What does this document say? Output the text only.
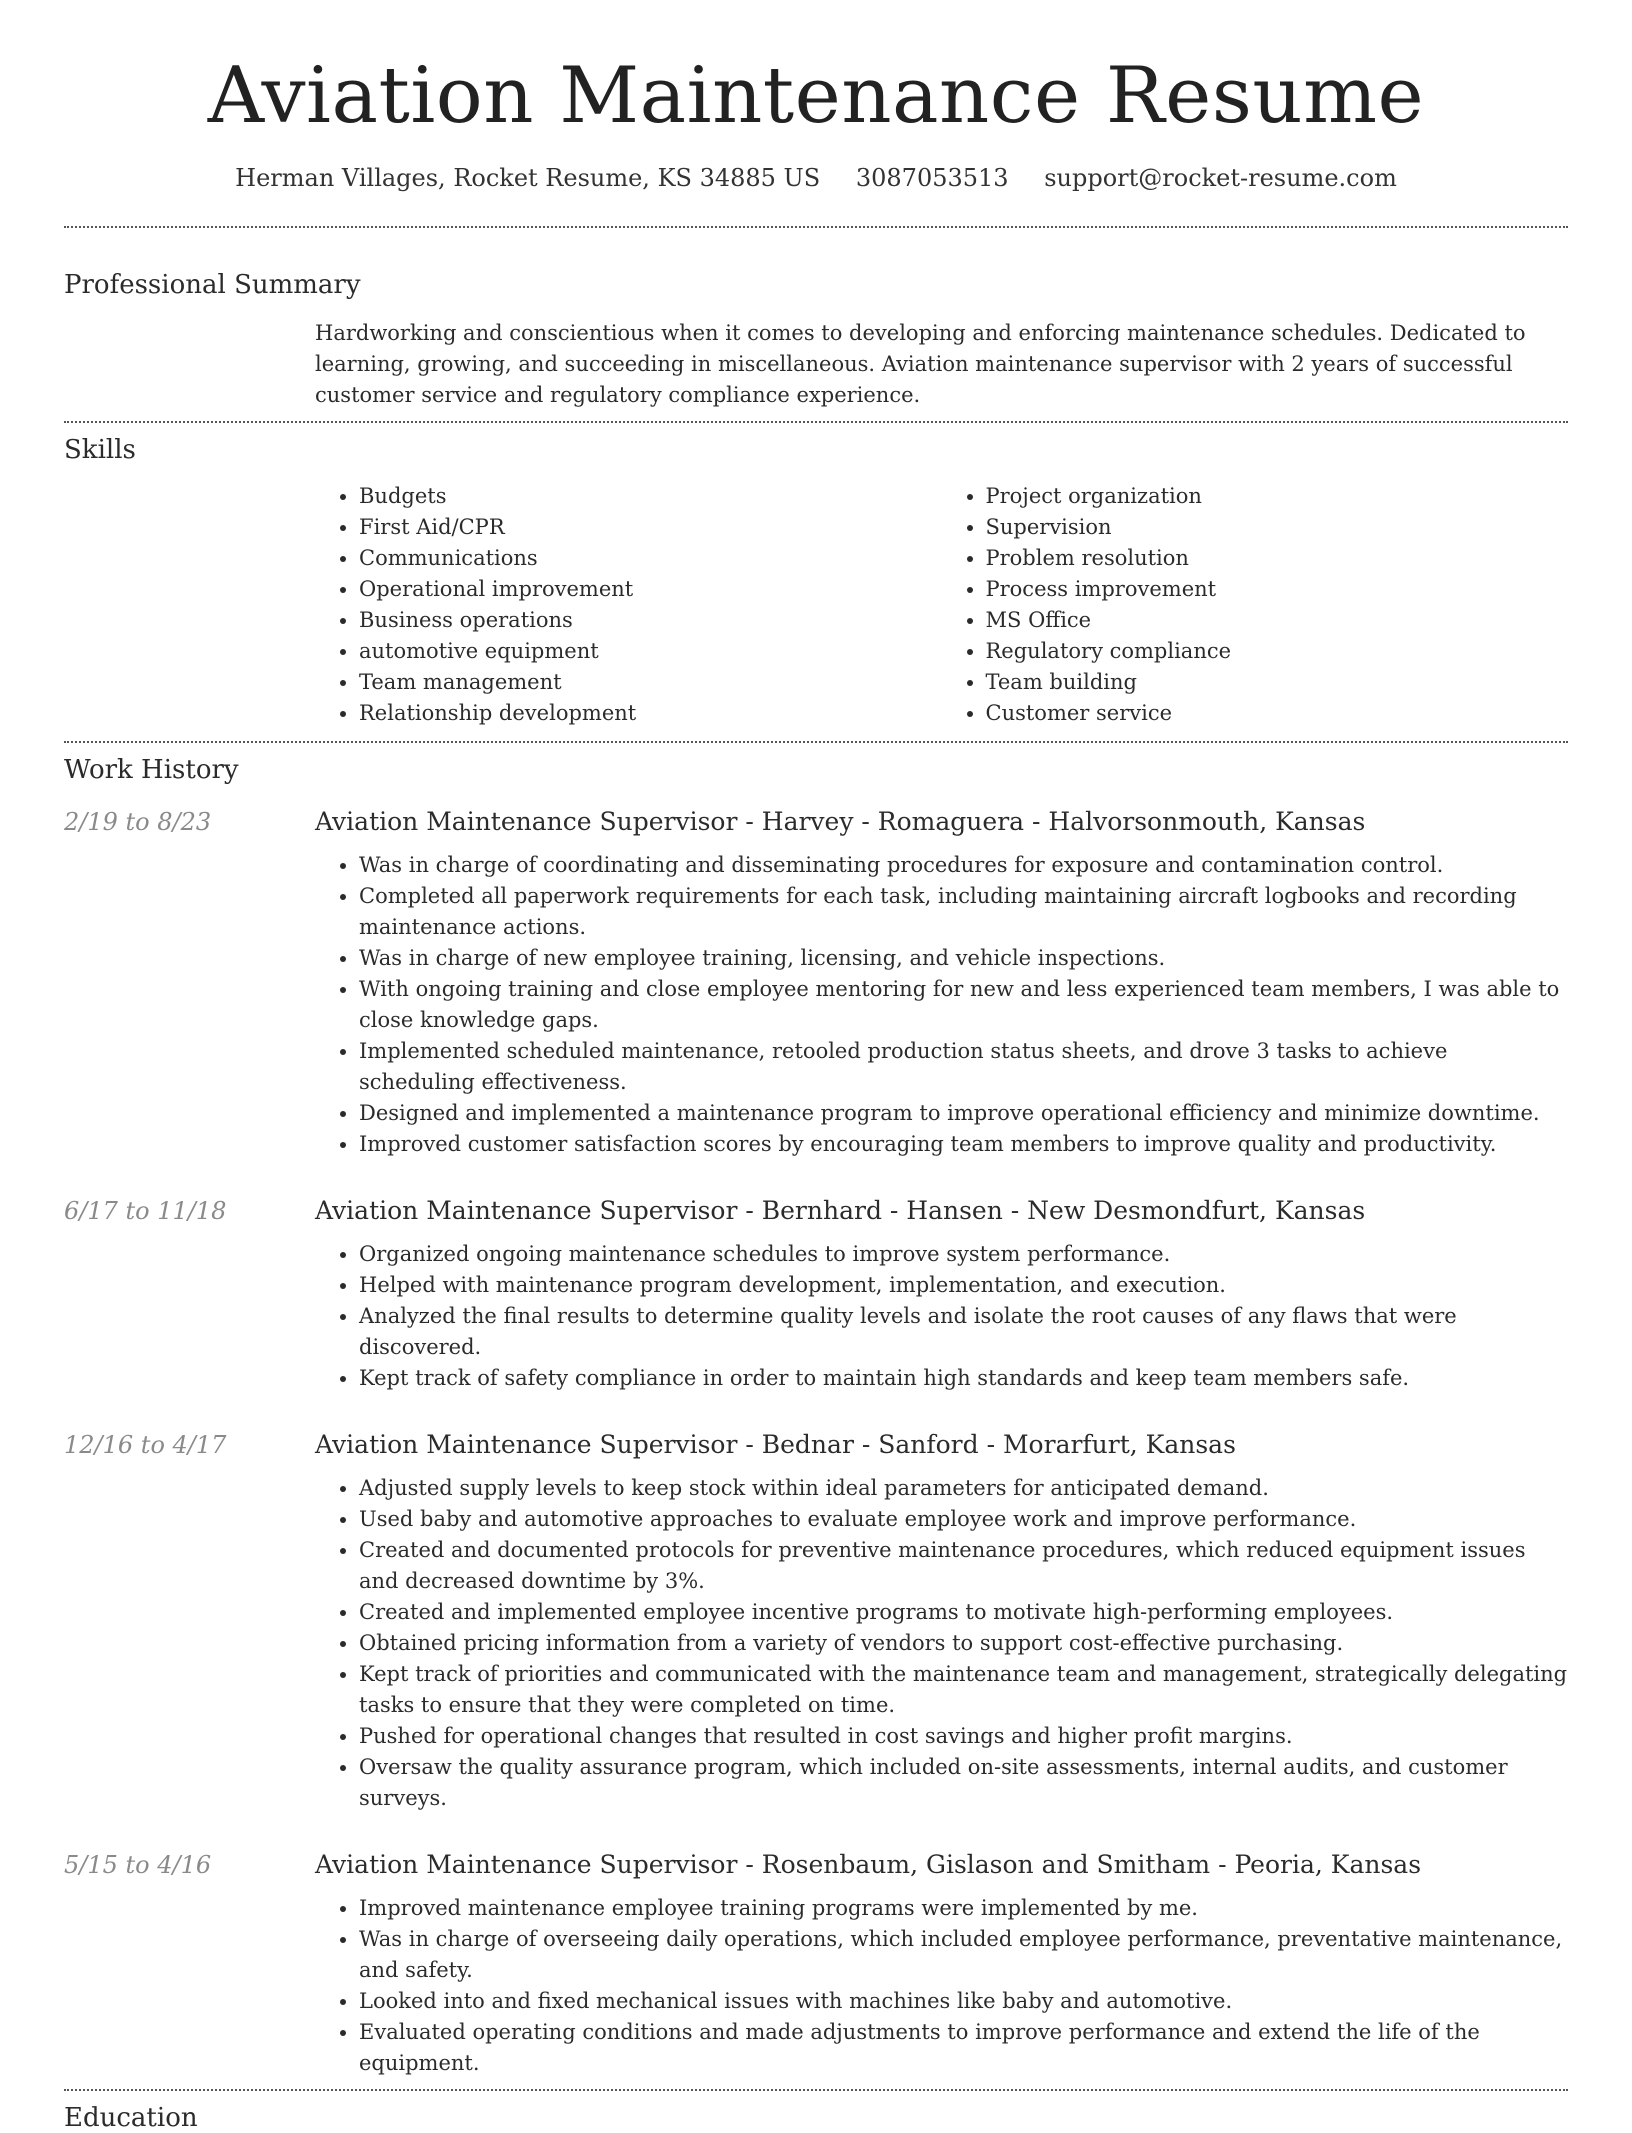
Aviation Maintenance Resume
Herman Villages, Rocket Resume, KS 34885 US 3087053513 support@rocket-resume.com
Professional Summary

Hardworking and conscientious when it comes to developing and enforcing maintenance schedules. Dedicated to learning, growing, and succeeding in miscellaneous. Aviation maintenance supervisor with 2 years of successful customer service and regulatory compliance experience.

Skills
• Budgets
• First Aid/CPR
• Communications
• Operational improvement
• Business operations
• automotive equipment
• Team management
• Relationship development
• Project organization
• Supervision
• Problem resolution
• Process improvement
• MS Office
• Regulatory compliance
• Team building
• Customer service
Work History
2/19 to 8/23	Aviation Maintenance Supervisor - Harvey - Romaguera - Halvorsonmouth, Kansas
• Was in charge of coordinating and disseminating procedures for exposure and contamination control.
• Completed all paperwork requirements for each task, including maintaining aircraft logbooks and recording maintenance actions.
• Was in charge of new employee training, licensing, and vehicle inspections.
• With ongoing training and close employee mentoring for new and less experienced team members, I was able to close knowledge gaps.
• Implemented scheduled maintenance, retooled production status sheets, and drove 3 tasks to achieve scheduling effectiveness.
• Designed and implemented a maintenance program to improve operational efficiency and minimize downtime.
• Improved customer satisfaction scores by encouraging team members to improve quality and productivity.
6/17 to 11/18	Aviation Maintenance Supervisor - Bernhard - Hansen - New Desmondfurt, Kansas
• Organized ongoing maintenance schedules to improve system performance.
• Helped with maintenance program development, implementation, and execution.
• Analyzed the final results to determine quality levels and isolate the root causes of any flaws that were discovered.
• Kept track of safety compliance in order to maintain high standards and keep team members safe.
12/16 to 4/17	Aviation Maintenance Supervisor - Bednar - Sanford - Morarfurt, Kansas
• Adjusted supply levels to keep stock within ideal parameters for anticipated demand.
• Used baby and automotive approaches to evaluate employee work and improve performance.
• Created and documented protocols for preventive maintenance procedures, which reduced equipment issues and decreased downtime by 3%.
• Created and implemented employee incentive programs to motivate high-performing employees.
• Obtained pricing information from a variety of vendors to support cost-effective purchasing.
• Kept track of priorities and communicated with the maintenance team and management, strategically delegating tasks to ensure that they were completed on time.
• Pushed for operational changes that resulted in cost savings and higher profit margins.
• Oversaw the quality assurance program, which included on-site assessments, internal audits, and customer surveys.
5/15 to 4/16	Aviation Maintenance Supervisor - Rosenbaum, Gislason and Smitham - Peoria, Kansas
• Improved maintenance employee training programs were implemented by me.
• Was in charge of overseeing daily operations, which included employee performance, preventative maintenance, and safety.
• Looked into and fixed mechanical issues with machines like baby and automotive.
• Evaluated operating conditions and made adjustments to improve performance and extend the life of the equipment.
Education
